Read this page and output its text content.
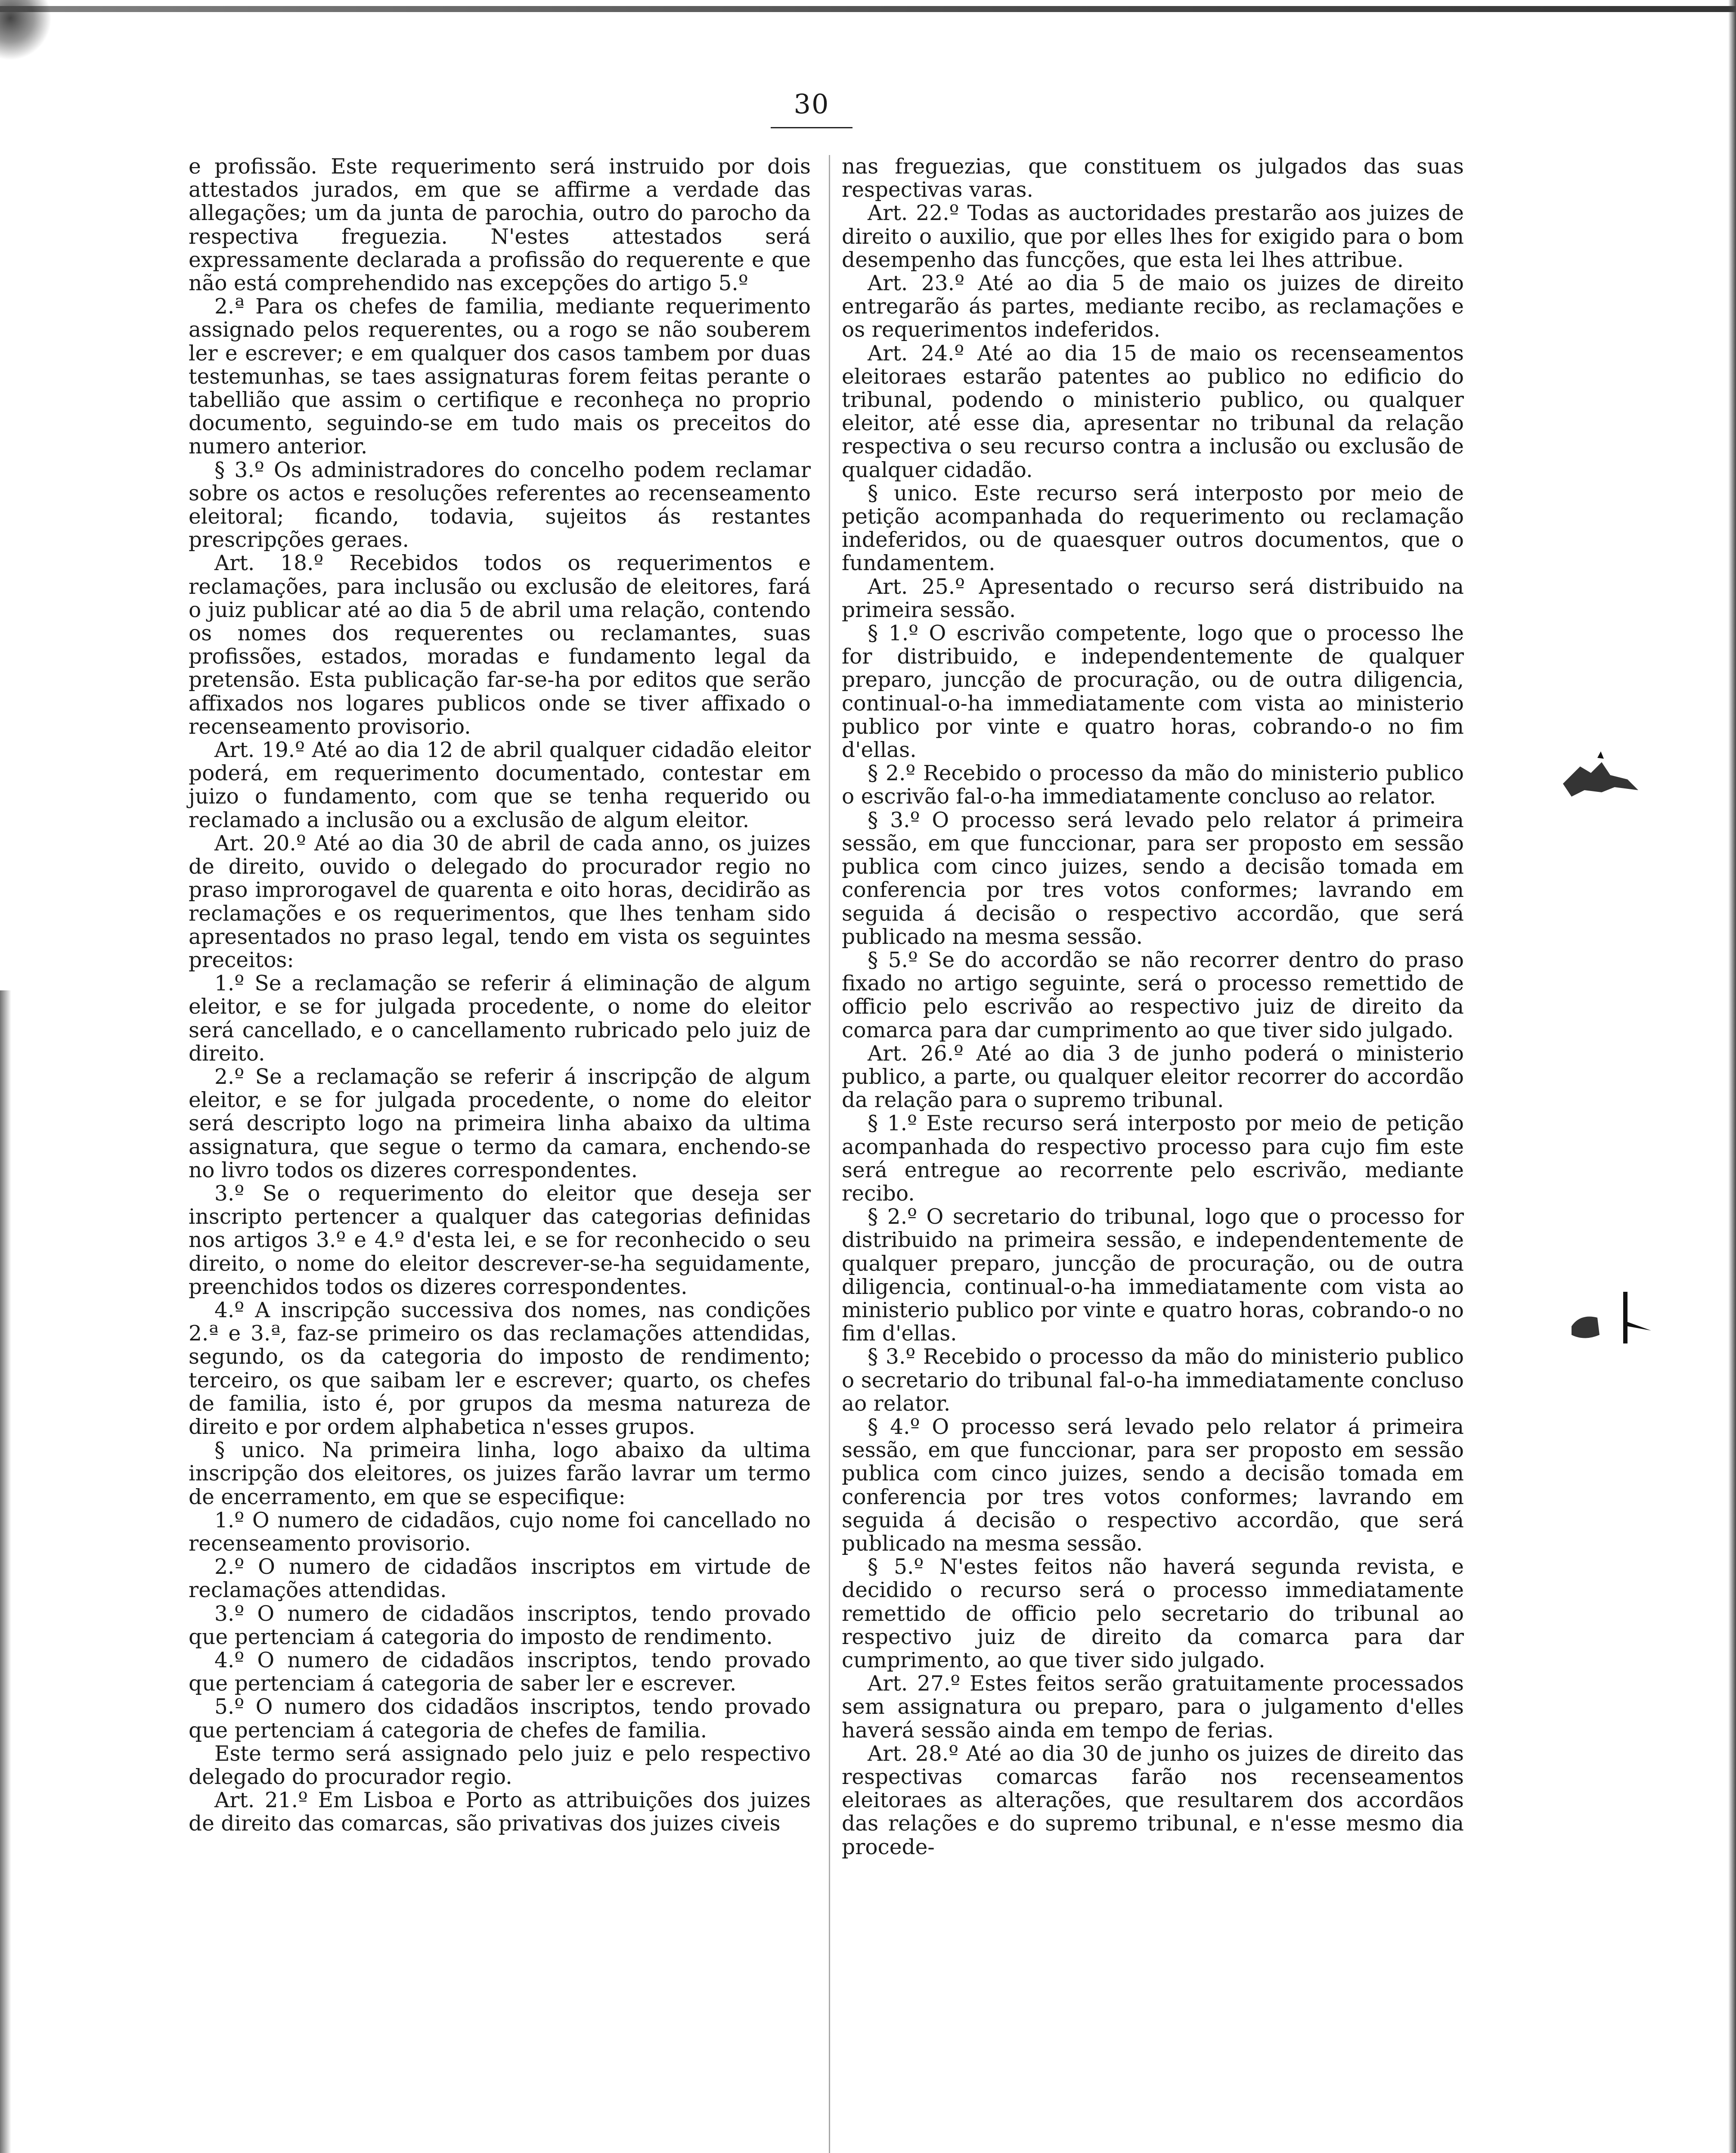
30

e profissão. Este requerimento será instruido por dois attestados jurados, em que se affirme a verdade das allegações; um da junta de parochia, outro do parocho da respectiva freguezia. N'estes attestados será expressamente declarada a profissão do requerente e que não está comprehendido nas excepções do artigo 5.º

2.ª Para os chefes de familia, mediante requerimento assignado pelos requerentes, ou a rogo se não souberem ler e escrever; e em qualquer dos casos tambem por duas testemunhas, se taes assignaturas forem feitas perante o tabellião que assim o certifique e reconheça no proprio documento, seguindo-se em tudo mais os preceitos do numero anterior.

§ 3.º Os administradores do concelho podem reclamar sobre os actos e resoluções referentes ao recenseamento eleitoral; ficando, todavia, sujeitos ás restantes prescripções geraes.

Art. 18.º Recebidos todos os requerimentos e reclamações, para inclusão ou exclusão de eleitores, fará o juiz publicar até ao dia 5 de abril uma relação, contendo os nomes dos requerentes ou reclamantes, suas profissões, estados, moradas e fundamento legal da pretensão. Esta publicação far-se-ha por editos que serão affixados nos logares publicos onde se tiver affixado o recenseamento provisorio.

Art. 19.º Até ao dia 12 de abril qualquer cidadão eleitor poderá, em requerimento documentado, contestar em juizo o fundamento, com que se tenha requerido ou reclamado a inclusão ou a exclusão de algum eleitor.

Art. 20.º Até ao dia 30 de abril de cada anno, os juizes de direito, ouvido o delegado do procurador regio no praso improrogavel de quarenta e oito horas, decidirão as reclamações e os requerimentos, que lhes tenham sido apresentados no praso legal, tendo em vista os seguintes preceitos:

1.º Se a reclamação se referir á eliminação de algum eleitor, e se for julgada procedente, o nome do eleitor será cancellado, e o cancellamento rubricado pelo juiz de direito.

2.º Se a reclamação se referir á inscripção de algum eleitor, e se for julgada procedente, o nome do eleitor será descripto logo na primeira linha abaixo da ultima assignatura, que segue o termo da camara, enchendo-se no livro todos os dizeres correspondentes.

3.º Se o requerimento do eleitor que deseja ser inscripto pertencer a qualquer das categorias definidas nos artigos 3.º e 4.º d'esta lei, e se for reconhecido o seu direito, o nome do eleitor descrever-se-ha seguidamente, preenchidos todos os dizeres correspondentes.

4.º A inscripção successiva dos nomes, nas condições 2.ª e 3.ª, faz-se primeiro os das reclamações attendidas, segundo, os da categoria do imposto de rendimento; terceiro, os que saibam ler e escrever; quarto, os chefes de familia, isto é, por grupos da mesma natureza de direito e por ordem alphabetica n'esses grupos.

§ unico. Na primeira linha, logo abaixo da ultima inscripção dos eleitores, os juizes farão lavrar um termo de encerramento, em que se especifique:

1.º O numero de cidadãos, cujo nome foi cancellado no recenseamento provisorio.

2.º O numero de cidadãos inscriptos em virtude de reclamações attendidas.

3.º O numero de cidadãos inscriptos, tendo provado que pertenciam á categoria do imposto de rendimento.

4.º O numero de cidadãos inscriptos, tendo provado que pertenciam á categoria de saber ler e escrever.

5.º O numero dos cidadãos inscriptos, tendo provado que pertenciam á categoria de chefes de familia.

Este termo será assignado pelo juiz e pelo respectivo delegado do procurador regio.

Art. 21.º Em Lisboa e Porto as attribuições dos juizes de direito das comarcas, são privativas dos juizes civeis

nas freguezias, que constituem os julgados das suas respectivas varas.

Art. 22.º Todas as auctoridades prestarão aos juizes de direito o auxilio, que por elles lhes for exigido para o bom desempenho das funcções, que esta lei lhes attribue.

Art. 23.º Até ao dia 5 de maio os juizes de direito entregarão ás partes, mediante recibo, as reclamações e os requerimentos indeferidos.

Art. 24.º Até ao dia 15 de maio os recenseamentos eleitoraes estarão patentes ao publico no edificio do tribunal, podendo o ministerio publico, ou qualquer eleitor, até esse dia, apresentar no tribunal da relação respectiva o seu recurso contra a inclusão ou exclusão de qualquer cidadão.

§ unico. Este recurso será interposto por meio de petição acompanhada do requerimento ou reclamação indeferidos, ou de quaesquer outros documentos, que o fundamentem.

Art. 25.º Apresentado o recurso será distribuido na primeira sessão.

§ 1.º O escrivão competente, logo que o processo lhe for distribuido, e independentemente de qualquer preparo, juncção de procuração, ou de outra diligencia, continual-o-ha immediatamente com vista ao ministerio publico por vinte e quatro horas, cobrando-o no fim d'ellas.

§ 2.º Recebido o processo da mão do ministerio publico o escrivão fal-o-ha immediatamente concluso ao relator.

§ 3.º O processo será levado pelo relator á primeira sessão, em que funccionar, para ser proposto em sessão publica com cinco juizes, sendo a decisão tomada em conferencia por tres votos conformes; lavrando em seguida á decisão o respectivo accordão, que será publicado na mesma sessão.

§ 5.º Se do accordão se não recorrer dentro do praso fixado no artigo seguinte, será o processo remettido de officio pelo escrivão ao respectivo juiz de direito da comarca para dar cumprimento ao que tiver sido julgado.

Art. 26.º Até ao dia 3 de junho poderá o ministerio publico, a parte, ou qualquer eleitor recorrer do accordão da relação para o supremo tribunal.

§ 1.º Este recurso será interposto por meio de petição acompanhada do respectivo processo para cujo fim este será entregue ao recorrente pelo escrivão, mediante recibo.

§ 2.º O secretario do tribunal, logo que o processo for distribuido na primeira sessão, e independentemente de qualquer preparo, juncção de procuração, ou de outra diligencia, continual-o-ha immediatamente com vista ao ministerio publico por vinte e quatro horas, cobrando-o no fim d'ellas.

§ 3.º Recebido o processo da mão do ministerio publico o secretario do tribunal fal-o-ha immediatamente concluso ao relator.

§ 4.º O processo será levado pelo relator á primeira sessão, em que funccionar, para ser proposto em sessão publica com cinco juizes, sendo a decisão tomada em conferencia por tres votos conformes; lavrando em seguida á decisão o respectivo accordão, que será publicado na mesma sessão.

§ 5.º N'estes feitos não haverá segunda revista, e decidido o recurso será o processo immediatamente remettido de officio pelo secretario do tribunal ao respectivo juiz de direito da comarca para dar cumprimento, ao que tiver sido julgado.

Art. 27.º Estes feitos serão gratuitamente processados sem assignatura ou preparo, para o julgamento d'elles haverá sessão ainda em tempo de ferias.

Art. 28.º Até ao dia 30 de junho os juizes de direito das respectivas comarcas farão nos recenseamentos eleitoraes as alterações, que resultarem dos accordãos das relações e do supremo tribunal, e n'esse mesmo dia procede-
